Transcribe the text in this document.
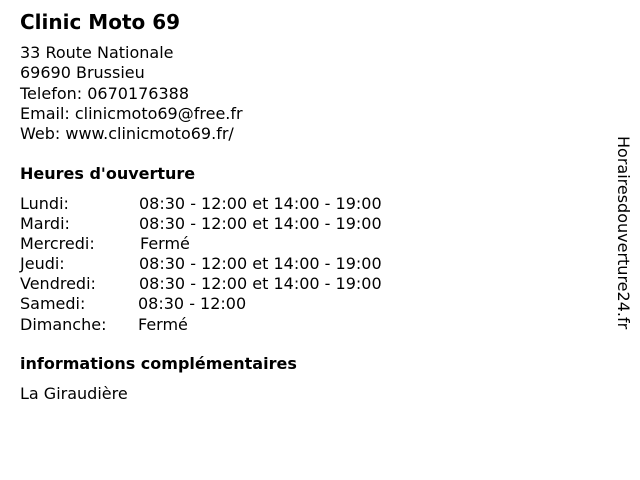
Clinic Moto 69
33 Route Nationale
69690 Brussieu
Telefon: 0670176388
Email: clinicmoto69@free.fr
Web: www.clinicmoto69.fr/
Heures d'ouverture
Lundi:	08:30 - 12:00 et 14:00 - 19:00
Mardi:	08:30 - 12:00 et 14:00 - 19:00
Mercredi:	Fermé
Jeudi:	08:30 - 12:00 et 14:00 - 19:00
Vendredi:	08:30 - 12:00 et 14:00 - 19:00
Samedi:	08:30 - 12:00
Dimanche: Fermé
informations complémentaires
La Giraudière
Horairesdouverture24.fr
